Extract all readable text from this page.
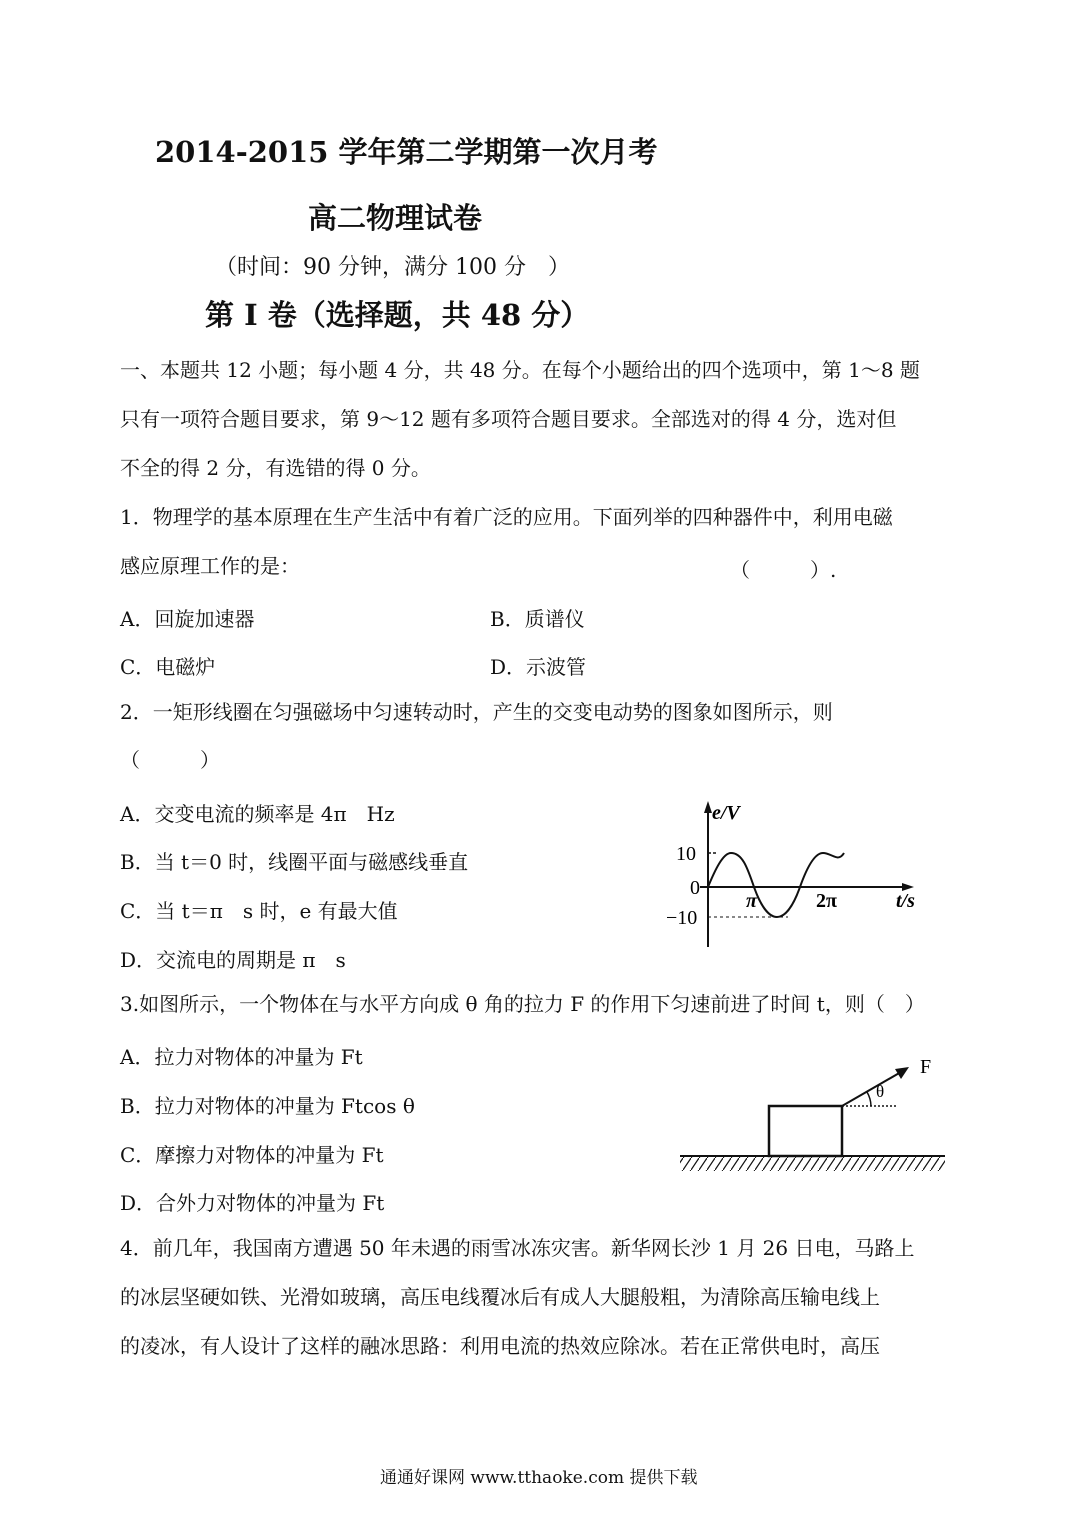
2014-2015 学年第二学期第一次月考
高二物理试卷
（时间：90 分钟，满分 100 分　）
第 I 卷（选择题，共 48 分）
一、本题共 12 小题；每小题 4 分，共 48 分。在每个小题给出的四个选项中，第 1～8 题
只有一项符合题目要求，第 9～12 题有多项符合题目要求。全部选对的得 4 分，选对但
不全的得 2 分，有选错的得 0 分。
1．物理学的基本原理在生产生活中有着广泛的应用。下面列举的四种器件中，利用电磁
感应原理工作的是：	（　　　）.
A．回旋加速器	B．质谱仪
C．电磁炉	D．示波管
2．一矩形线圈在匀强磁场中匀速转动时，产生的交变电动势的图象如图所示，则
（　　　）
A．交变电流的频率是 4π　Hz
B．当 t＝0 时，线圈平面与磁感线垂直
C．当 t＝π　s 时，e 有最大值
D．交流电的周期是 π　s
e/V
10
0
−10
π	2π	t/s
3.如图所示，一个物体在与水平方向成 θ 角的拉力 F 的作用下匀速前进了时间 t，则（　）
A．拉力对物体的冲量为 Ft
B．拉力对物体的冲量为 Ftcos θ
C．摩擦力对物体的冲量为 Ft
D．合外力对物体的冲量为 Ft
θ
F
4．前几年，我国南方遭遇 50 年未遇的雨雪冰冻灾害。新华网长沙 1 月 26 日电，马路上
的冰层坚硬如铁、光滑如玻璃，高压电线覆冰后有成人大腿般粗，为清除高压输电线上
的凌冰，有人设计了这样的融冰思路：利用电流的热效应除冰。若在正常供电时，高压
通通好课网 www.tthaoke.com 提供下载
